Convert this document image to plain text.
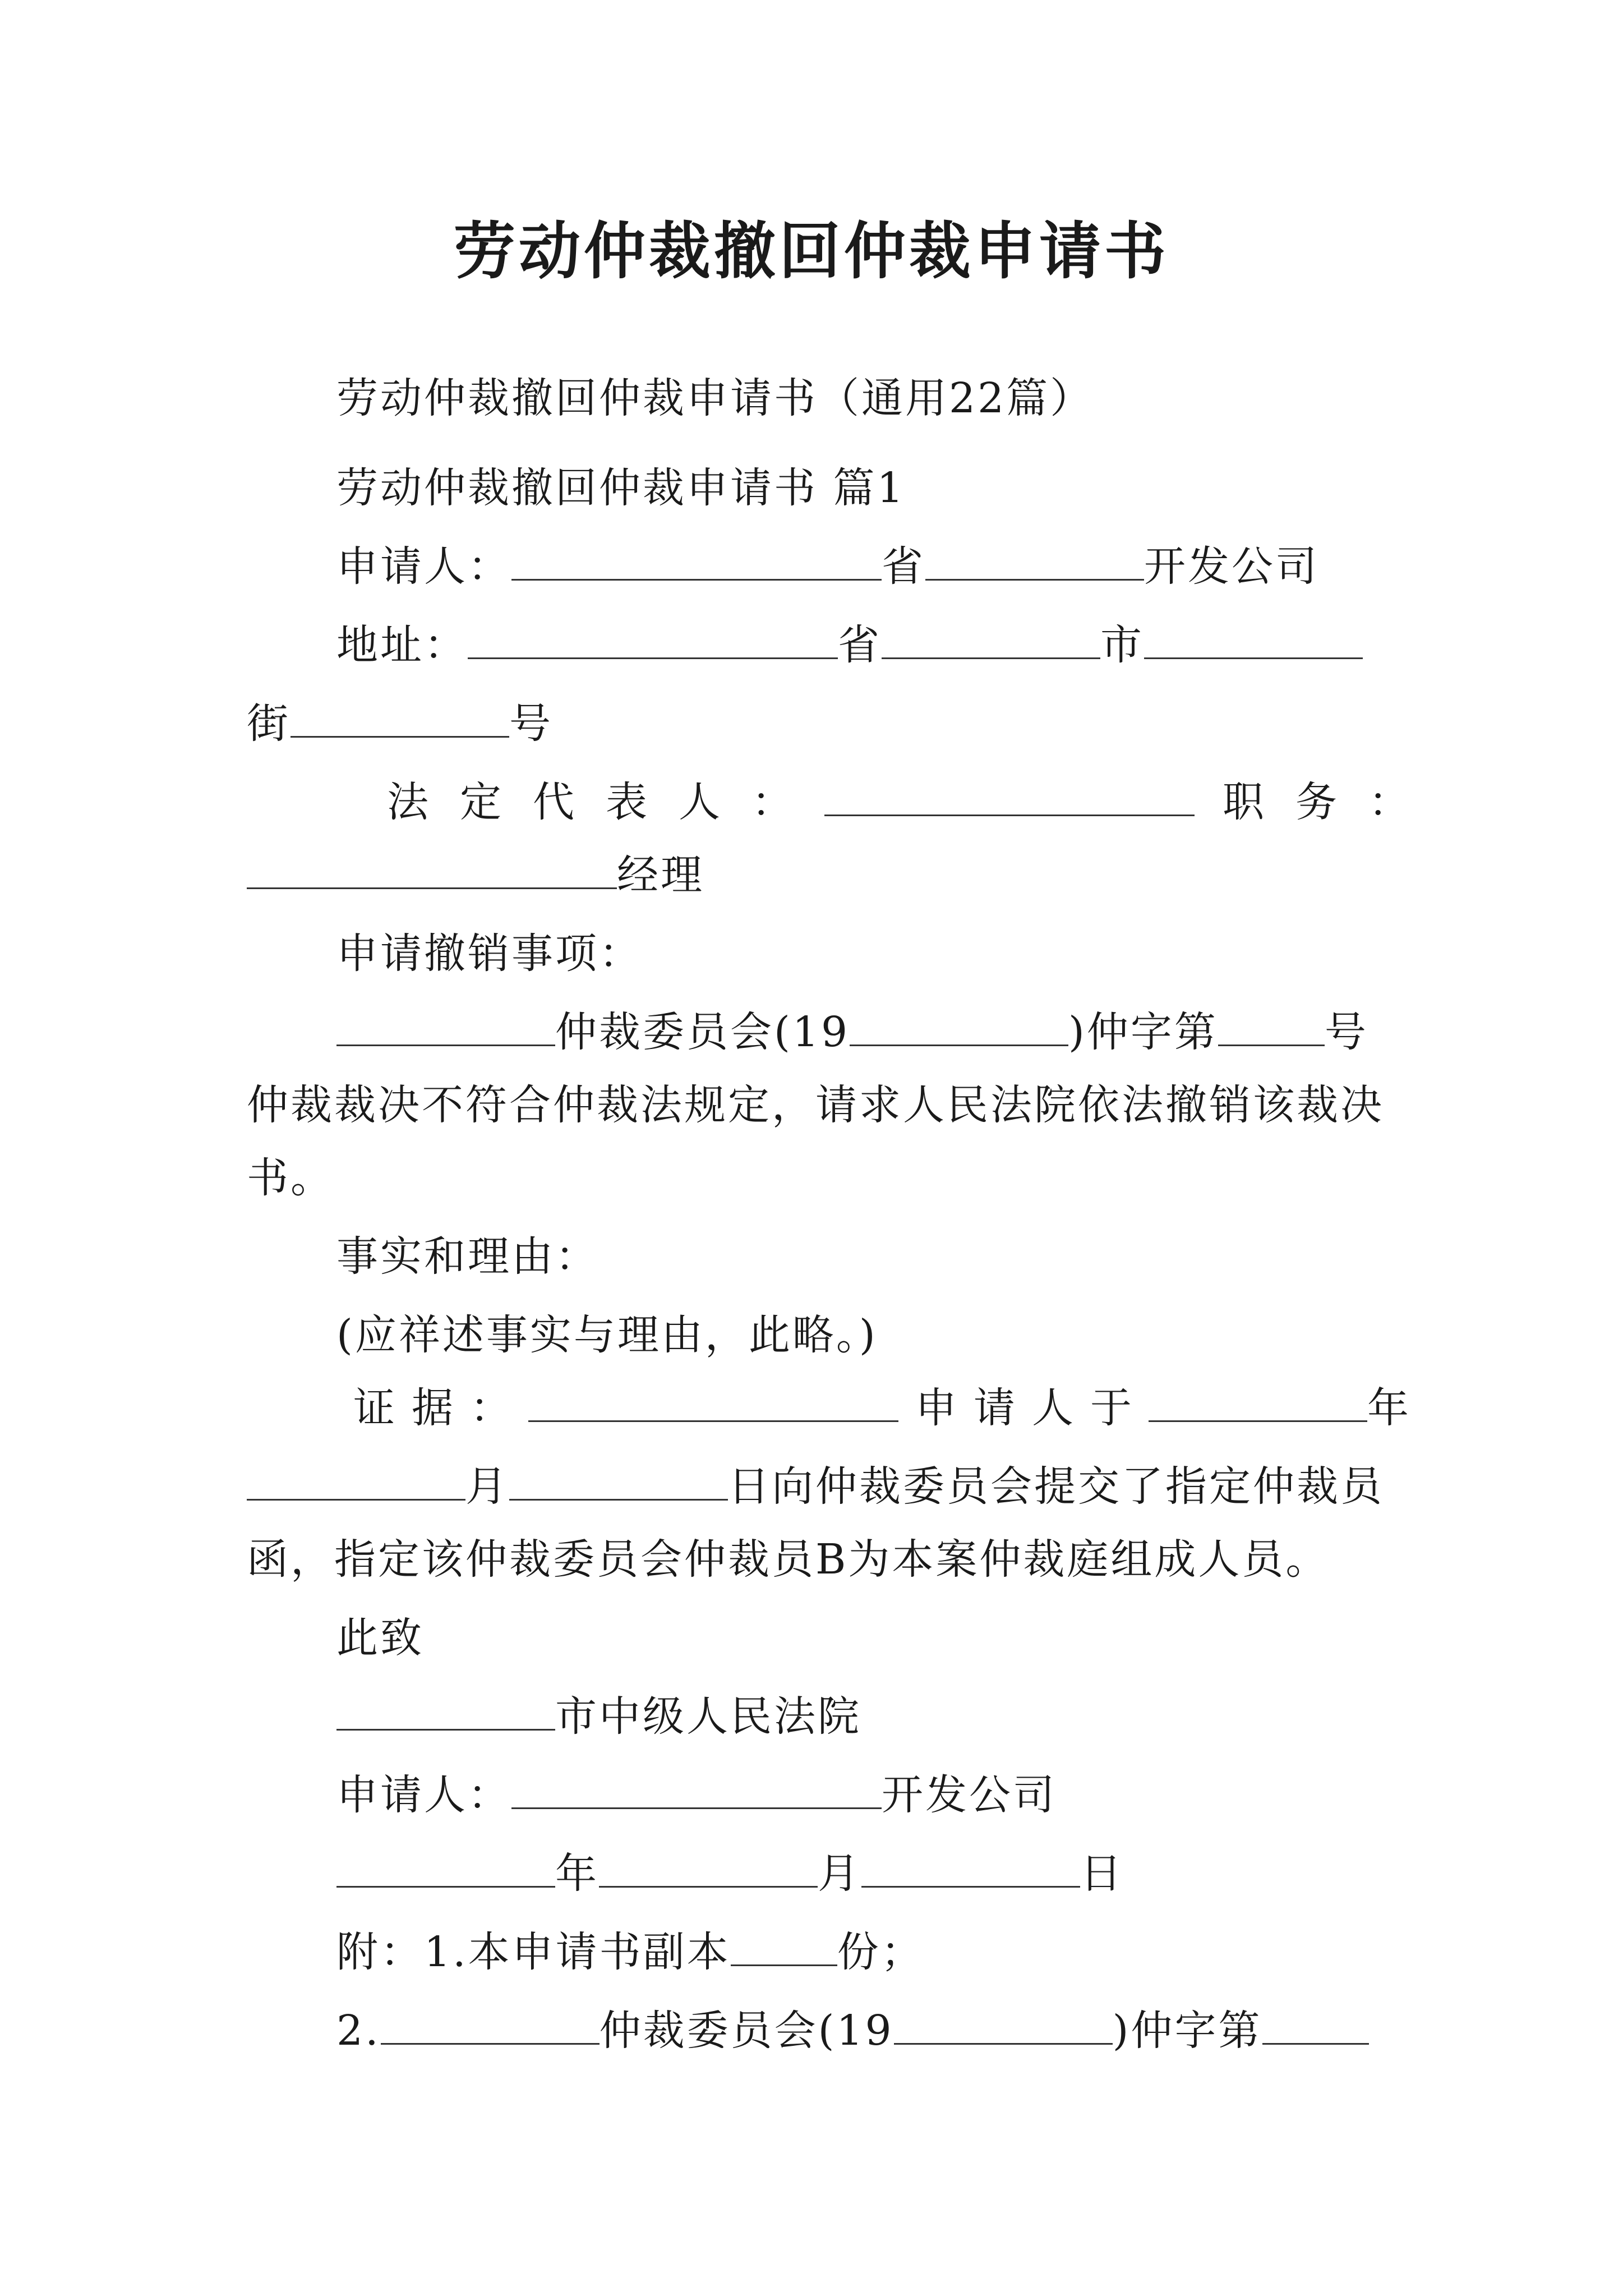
劳动仲裁撤回仲裁申请书
劳动仲裁撤回仲裁申请书（通用22篇）
劳动仲裁撤回仲裁申请书 篇1
申请人：	省	开发公司
地址：	省	市
街	号
法定代表人：	职务：
经理
申请撤销事项：
仲裁委员会(19	)仲字第	号
仲裁裁决不符合仲裁法规定，请求人民法院依法撤销该裁决
书。
事实和理由：
(应祥述事实与理由，此略。)
证据：	申请人于	年
月	日向仲裁委员会提交了指定仲裁员
函，指定该仲裁委员会仲裁员B为本案仲裁庭组成人员。
此致
市中级人民法院
申请人：	开发公司
年	月	日
附：1.本申请书副本	份；
2.	仲裁委员会(19	)仲字第
